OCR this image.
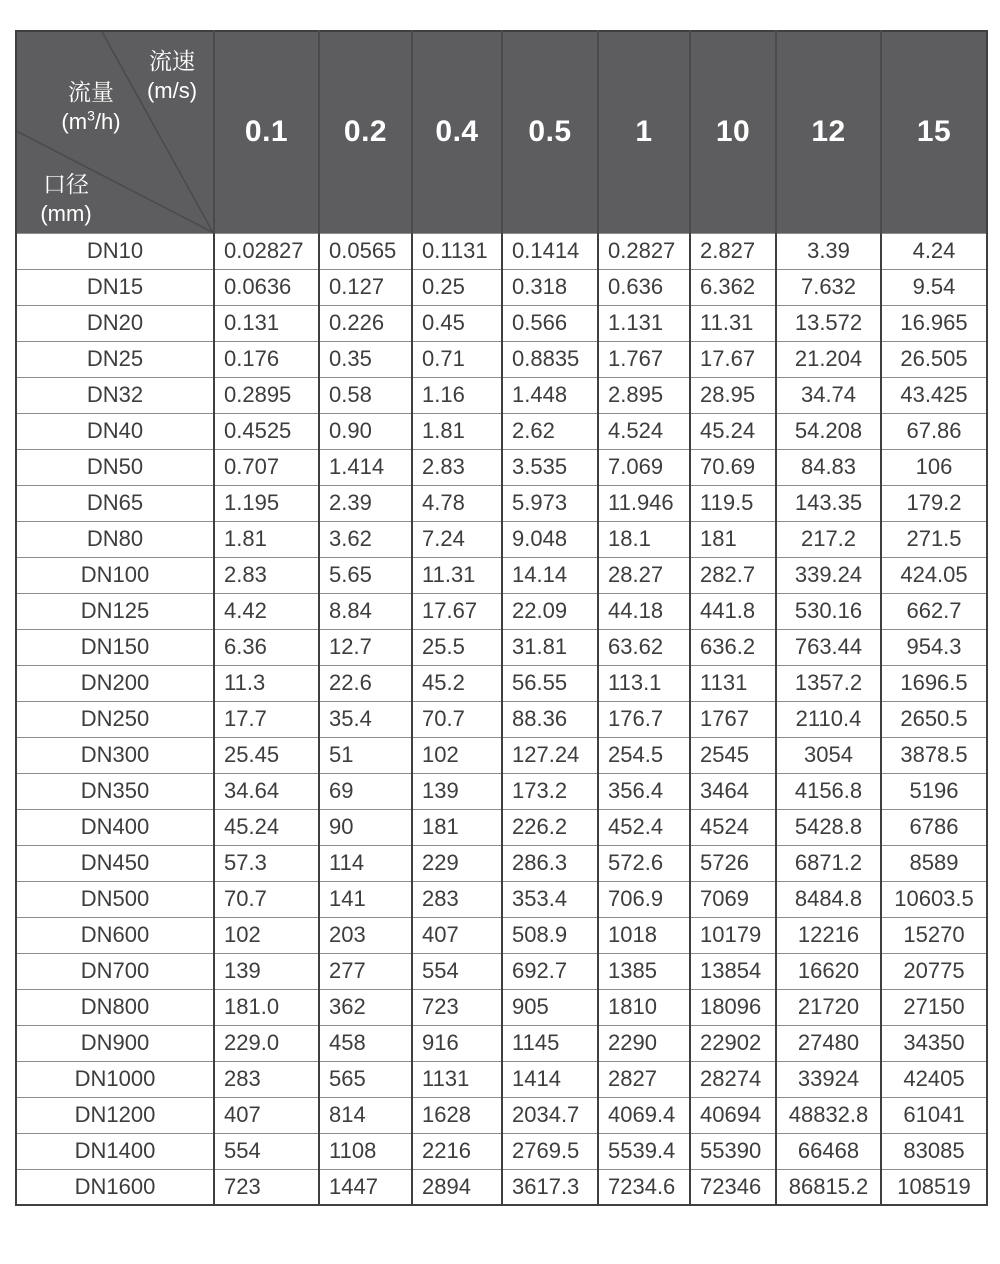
流速
(m/s)
流量
$(m^3/h)$
口径
(mm)
	0.1	0.2	0.4	0.5	1	10	12	15
DN10	0.02827	0.0565	0.1131	0.1414	0.2827	2.827	3.39	4.24
DN15	0.0636	0.127	0.25	0.318	0.636	6.362	7.632	9.54
DN20	0.131	0.226	0.45	0.566	1.131	11.31	13.572	16.965
DN25	0.176	0.35	0.71	0.8835	1.767	17.67	21.204	26.505
DN32	0.2895	0.58	1.16	1.448	2.895	28.95	34.74	43.425
DN40	0.4525	0.90	1.81	2.62	4.524	45.24	54.208	67.86
DN50	0.707	1.414	2.83	3.535	7.069	70.69	84.83	106
DN65	1.195	2.39	4.78	5.973	11.946	119.5	143.35	179.2
DN80	1.81	3.62	7.24	9.048	18.1	181	217.2	271.5
DN100	2.83	5.65	11.31	14.14	28.27	282.7	339.24	424.05
DN125	4.42	8.84	17.67	22.09	44.18	441.8	530.16	662.7
DN150	6.36	12.7	25.5	31.81	63.62	636.2	763.44	954.3
DN200	11.3	22.6	45.2	56.55	113.1	1131	1357.2	1696.5
DN250	17.7	35.4	70.7	88.36	176.7	1767	2110.4	2650.5
DN300	25.45	51	102	127.24	254.5	2545	3054	3878.5
DN350	34.64	69	139	173.2	356.4	3464	4156.8	5196
DN400	45.24	90	181	226.2	452.4	4524	5428.8	6786
DN450	57.3	114	229	286.3	572.6	5726	6871.2	8589
DN500	70.7	141	283	353.4	706.9	7069	8484.8	10603.5
DN600	102	203	407	508.9	1018	10179	12216	15270
DN700	139	277	554	692.7	1385	13854	16620	20775
DN800	181.0	362	723	905	1810	18096	21720	27150
DN900	229.0	458	916	1145	2290	22902	27480	34350
DN1000	283	565	1131	1414	2827	28274	33924	42405
DN1200	407	814	1628	2034.7	4069.4	40694	48832.8	61041
DN1400	554	1108	2216	2769.5	5539.4	55390	66468	83085
DN1600	723	1447	2894	3617.3	7234.6	72346	86815.2	108519
